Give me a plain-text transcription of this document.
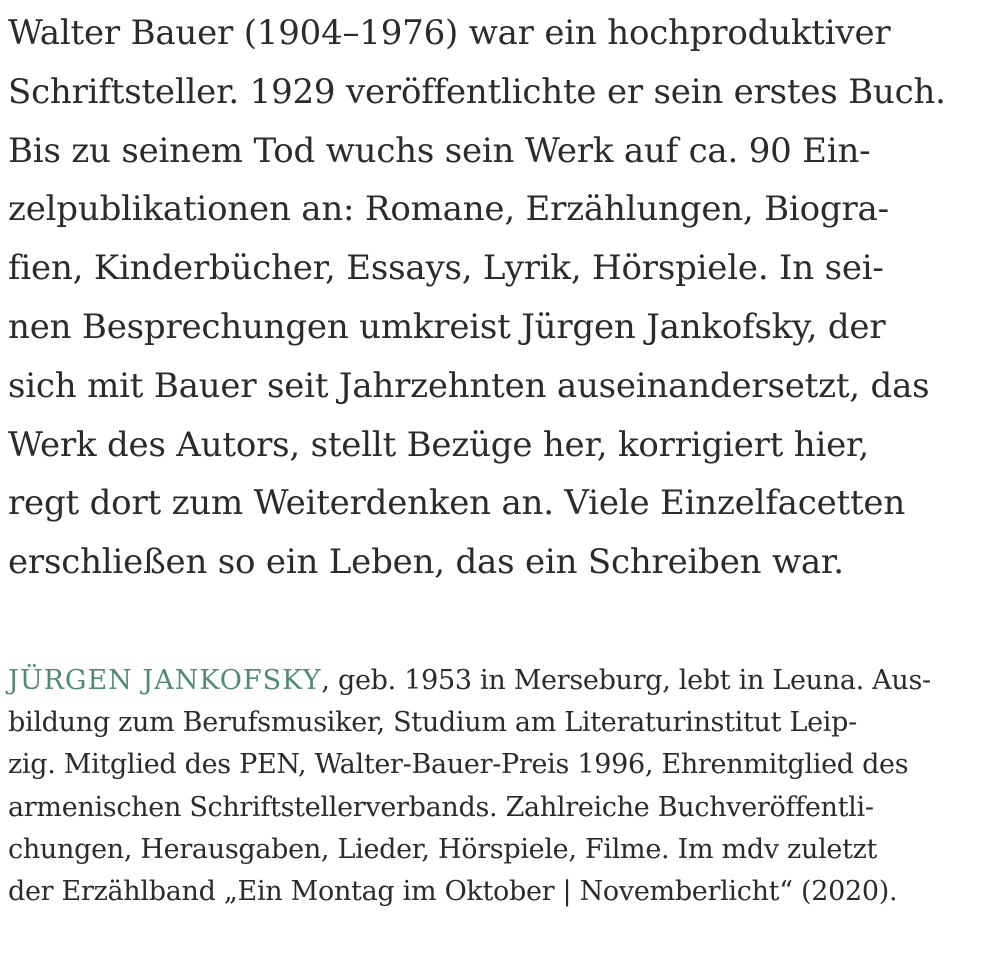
Walter Bauer (1904–1976) war ein hochproduktiver
Schriftsteller. 1929 veröffentlichte er sein erstes Buch.
Bis zu seinem Tod wuchs sein Werk auf ca. 90 Ein-
zelpublikationen an: Romane, Erzählungen, Biogra-
fien, Kinderbücher, Essays, Lyrik, Hörspiele. In sei-
nen Besprechungen umkreist Jürgen Jankofsky, der
sich mit Bauer seit Jahrzehnten auseinandersetzt, das
Werk des Autors, stellt Bezüge her, korrigiert hier,
regt dort zum Weiterdenken an. Viele Einzelfacetten
erschließen so ein Leben, das ein Schreiben war.
JÜRGEN JANKOFSKY, geb. 1953 in Merseburg, lebt in Leuna. Aus-
bildung zum Berufsmusiker, Studium am Literaturinstitut Leip-
zig. Mitglied des PEN, Walter-Bauer-Preis 1996, Ehrenmitglied des
armenischen Schriftstellerverbands. Zahlreiche Buchveröffentli-
chungen, Herausgaben, Lieder, Hörspiele, Filme. Im mdv zuletzt
der Erzählband „Ein Montag im Oktober | Novemberlicht“ (2020).
